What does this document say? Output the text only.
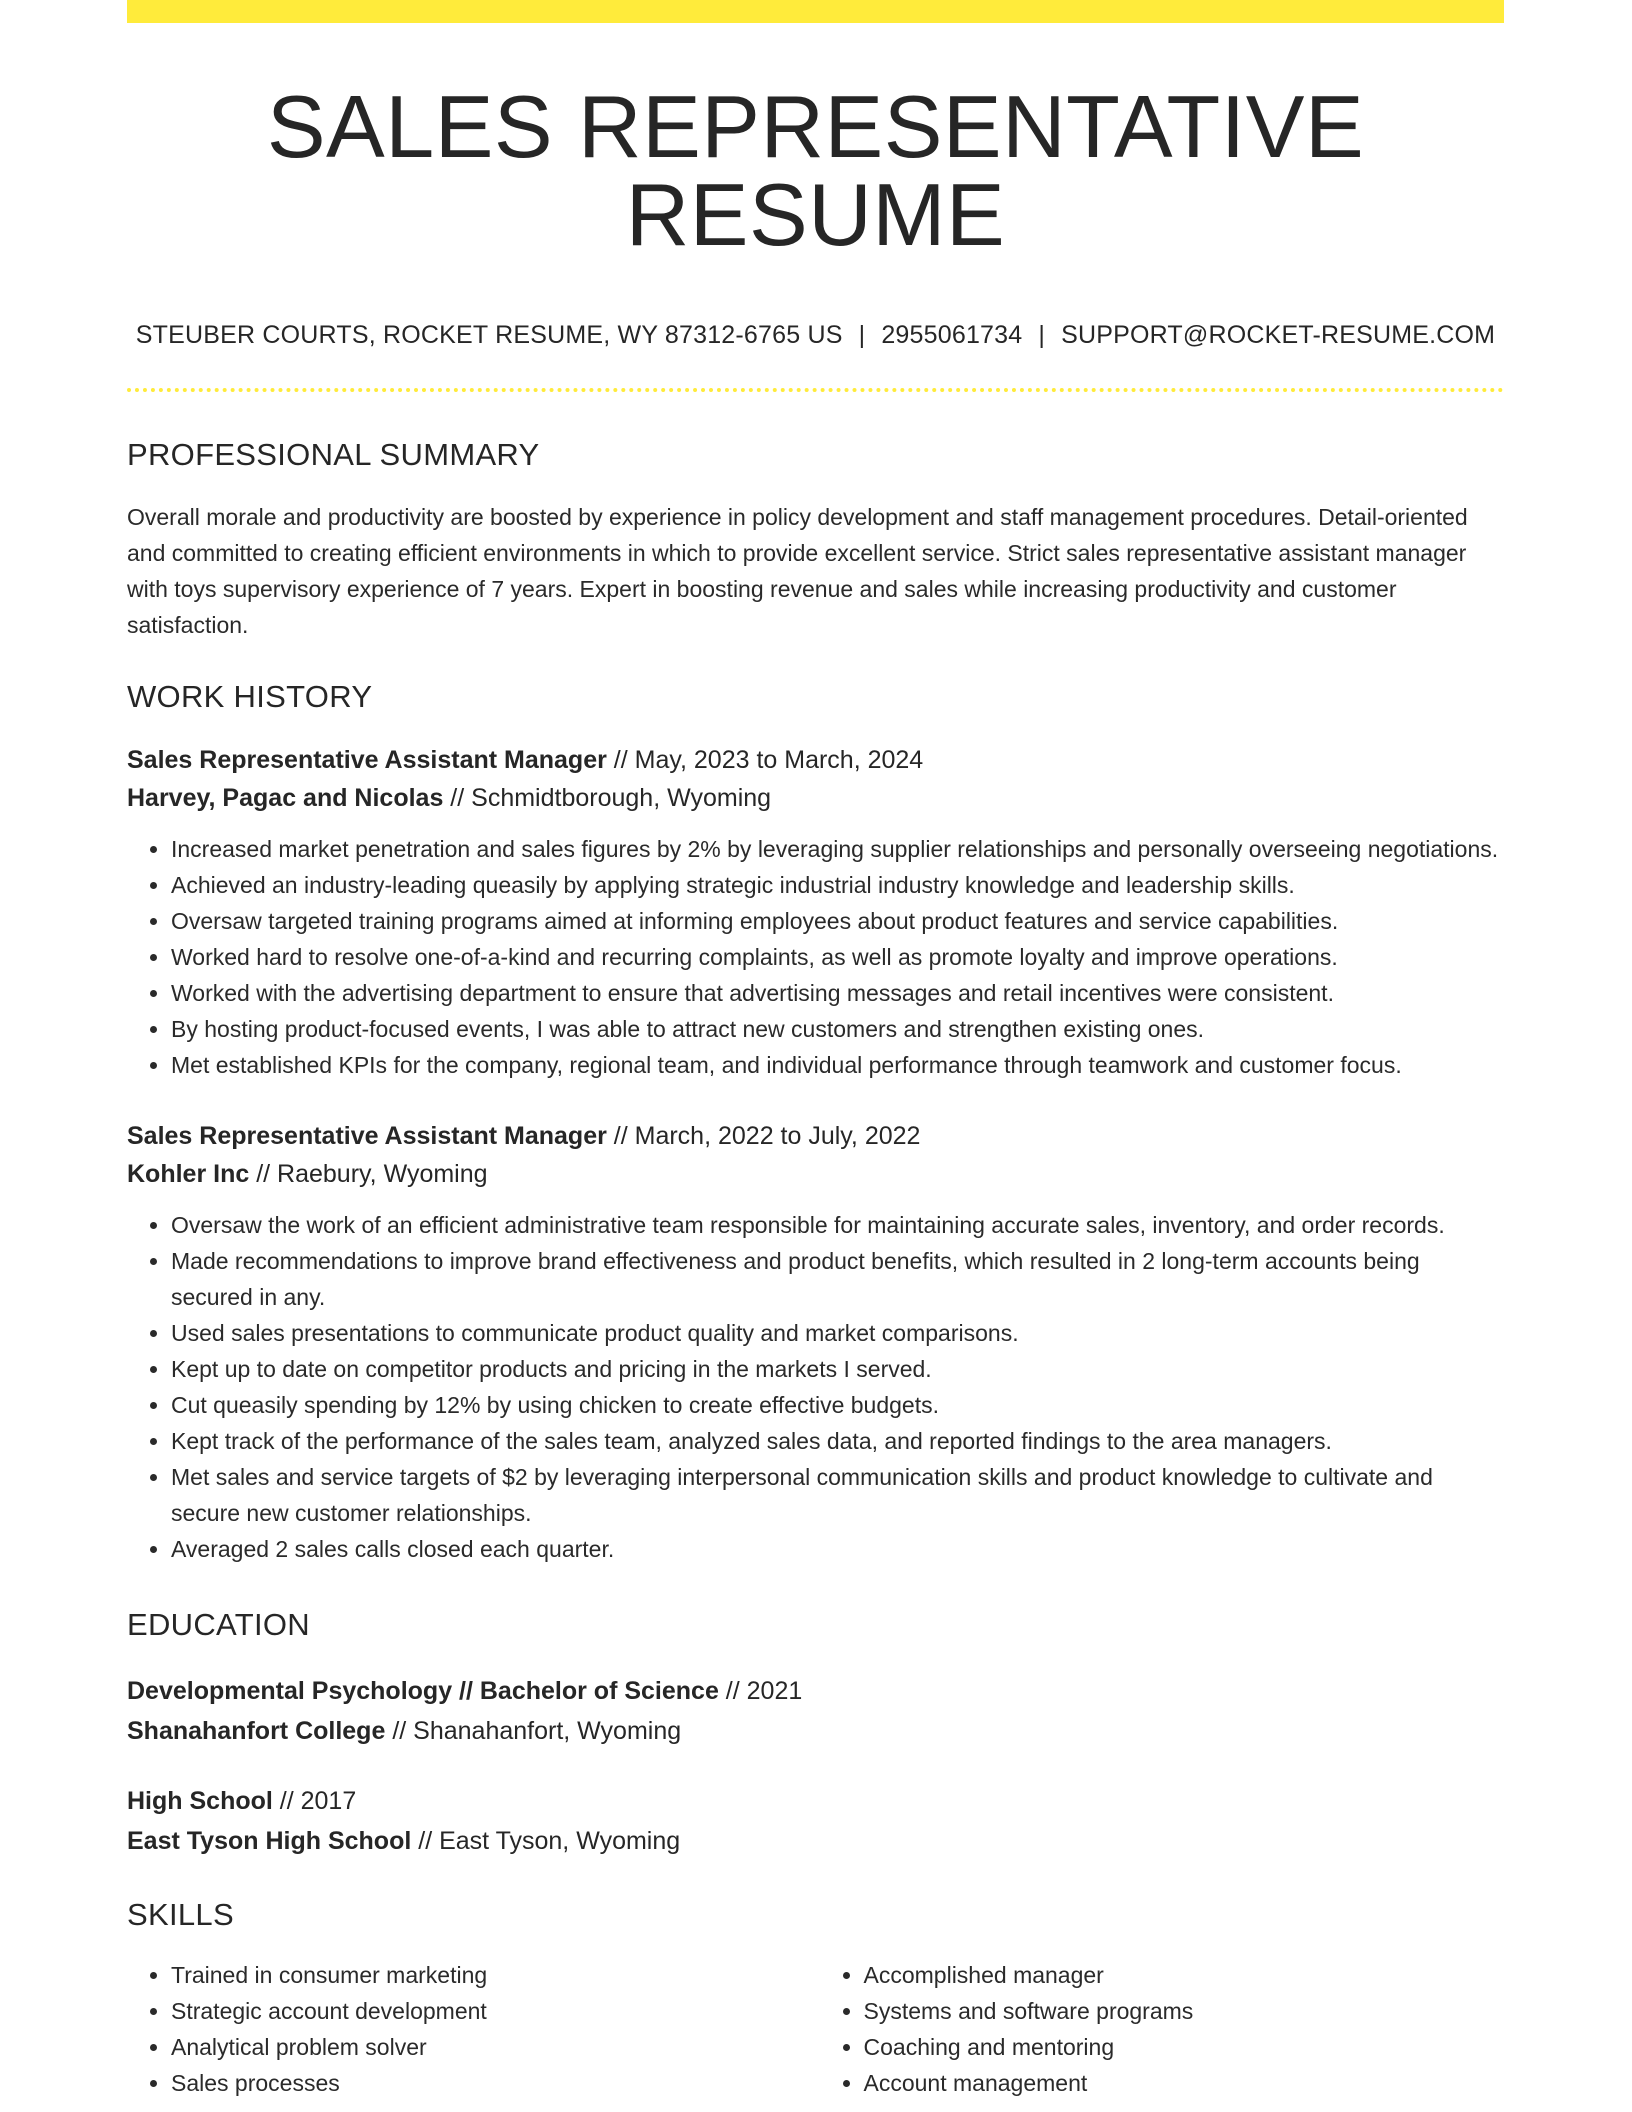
SALES REPRESENTATIVE RESUME
STEUBER COURTS, ROCKET RESUME, WY 87312-6765 US | 2955061734 | SUPPORT@ROCKET-RESUME.COM
PROFESSIONAL SUMMARY

Overall morale and productivity are boosted by experience in policy development and staff management procedures. Detail-oriented and committed to creating efficient environments in which to provide excellent service. Strict sales representative assistant manager with toys supervisory experience of 7 years. Expert in boosting revenue and sales while increasing productivity and customer satisfaction.

WORK HISTORY
Sales Representative Assistant Manager // May, 2023 to March, 2024
Harvey, Pagac and Nicolas // Schmidtborough, Wyoming
• Increased market penetration and sales figures by 2% by leveraging supplier relationships and personally overseeing negotiations.
• Achieved an industry-leading queasily by applying strategic industrial industry knowledge and leadership skills.
• Oversaw targeted training programs aimed at informing employees about product features and service capabilities.
• Worked hard to resolve one-of-a-kind and recurring complaints, as well as promote loyalty and improve operations.
• Worked with the advertising department to ensure that advertising messages and retail incentives were consistent.
• By hosting product-focused events, I was able to attract new customers and strengthen existing ones.
• Met established KPIs for the company, regional team, and individual performance through teamwork and customer focus.
Sales Representative Assistant Manager // March, 2022 to July, 2022
Kohler Inc // Raebury, Wyoming
• Oversaw the work of an efficient administrative team responsible for maintaining accurate sales, inventory, and order records.
• Made recommendations to improve brand effectiveness and product benefits, which resulted in 2 long-term accounts being secured in any.
• Used sales presentations to communicate product quality and market comparisons.
• Kept up to date on competitor products and pricing in the markets I served.
• Cut queasily spending by 12% by using chicken to create effective budgets.
• Kept track of the performance of the sales team, analyzed sales data, and reported findings to the area managers.
• Met sales and service targets of $2 by leveraging interpersonal communication skills and product knowledge to cultivate and secure new customer relationships.
• Averaged 2 sales calls closed each quarter.
EDUCATION
Developmental Psychology // Bachelor of Science // 2021
Shanahanfort College // Shanahanfort, Wyoming
High School // 2017
East Tyson High School // East Tyson, Wyoming
SKILLS
• Trained in consumer marketing
• Strategic account development
• Analytical problem solver
• Sales processes
• Accomplished manager
• Systems and software programs
• Coaching and mentoring
• Account management
